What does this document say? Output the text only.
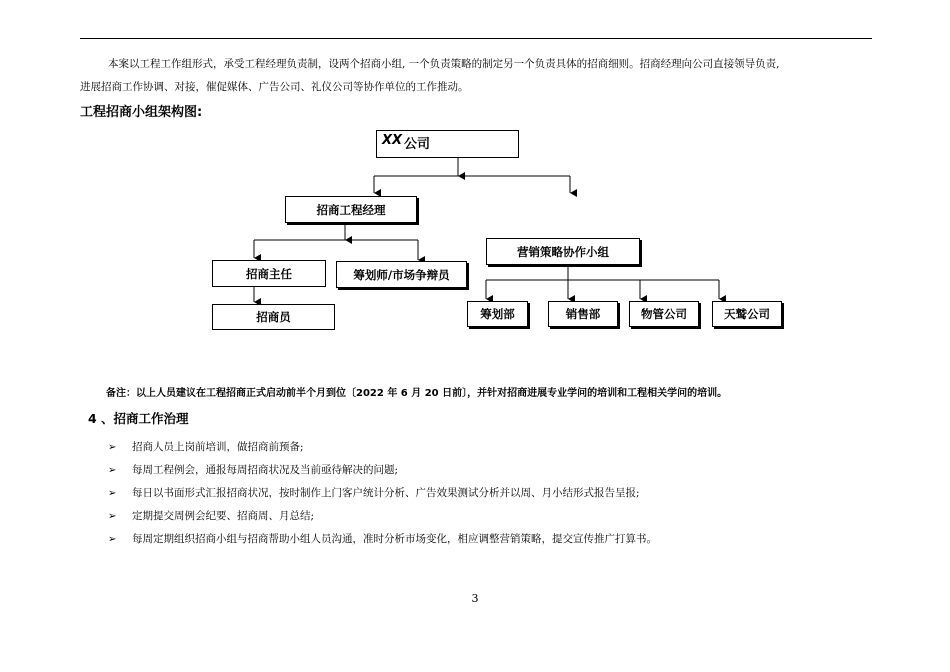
本案以工程工作组形式，承受工程经理负责制，设两个招商小组, 一个负责策略的制定另一个负责具体的招商细则。招商经理向公司直接领导负责,
进展招商工作协调、对接，催促媒体、广告公司、礼仪公司等协作单位的工作推动。
工程招商小组架构图:
XX 公司
招商工程经理
营销策略协作小组
招商主任	筹划师/市场争辩员
招商员	筹划部	销售部	物管公司	天鹫公司
备注：以上人员建议在工程招商正式启动前半个月到位〔2022 年 6 月 20 日前〕，并针对招商进展专业学问的培训和工程相关学问的培训。
4 、招商工作治理
➢ 招商人员上岗前培训，做招商前预备;
➢ 每周工程例会，通报每周招商状况及当前亟待解决的问题;
➢ 每日以书面形式汇报招商状况，按时制作上门客户统计分析、广告效果测试分析并以周、月小结形式报告呈报;
➢ 定期提交周例会纪要、招商周、月总结;
➢ 每周定期组织招商小组与招商帮助小组人员沟通，准时分析市场变化，相应调整营销策略，提交宣传推广打算书。
3
